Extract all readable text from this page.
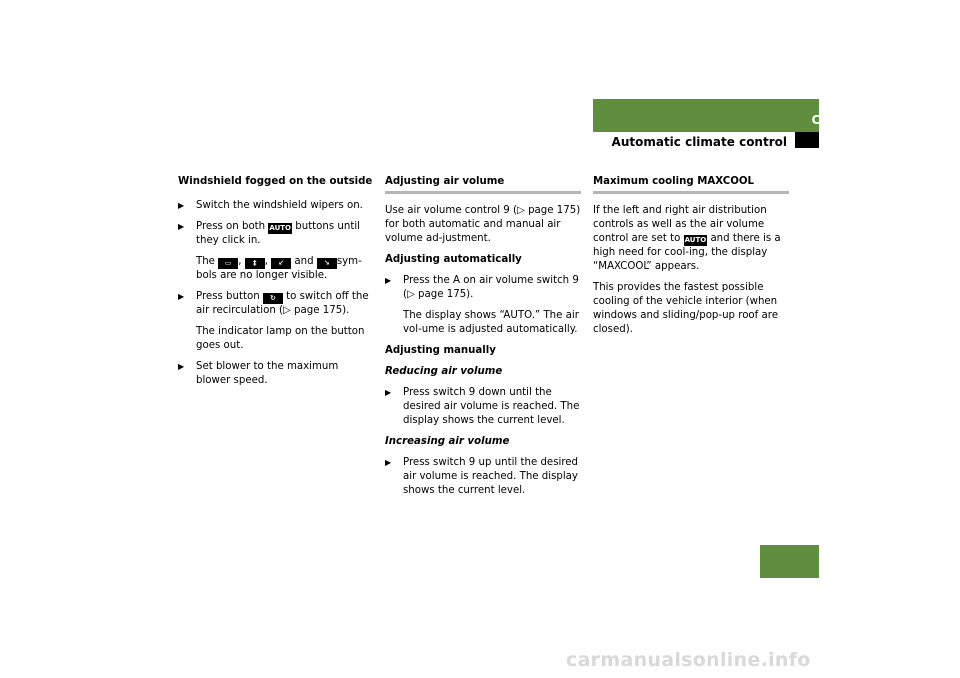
Controls in detail
Automatic climate control
Windshield fogged on the outside
▶ Switch the windshield wipers on.
▶ Press on both AUTO buttons until they click in.

The ▭ , ‡ , ↙ and ↘ sym-bols are no longer visible.

▶ Press button ↻ to switch off the air recirculation (▷ page 175).

The indicator lamp on the button goes out.

▶ Set blower to the maximum blower speed.
Adjusting air volume

Use air volume control 9 (▷ page 175) for both automatic and manual air volume ad-justment.

Adjusting automatically

▶ Press the A on air volume switch 9 (▷ page 175).

The display shows “AUTO.” The air vol-ume is adjusted automatically.

Adjusting manually

Reducing air volume

▶ Press switch 9 down until the desired air volume is reached. The display shows the current level.

Increasing air volume

▶ Press switch 9 up until the desired air volume is reached. The display shows the current level.
Maximum cooling MAXCOOL

If the left and right air distribution controls as well as the air volume control are set to AUTO and there is a high need for cool-ing, the display “MAXCOOL” appears.

This provides the fastest possible cooling of the vehicle interior (when windows and sliding/pop-up roof are closed).

179
carmanualsonline.info
